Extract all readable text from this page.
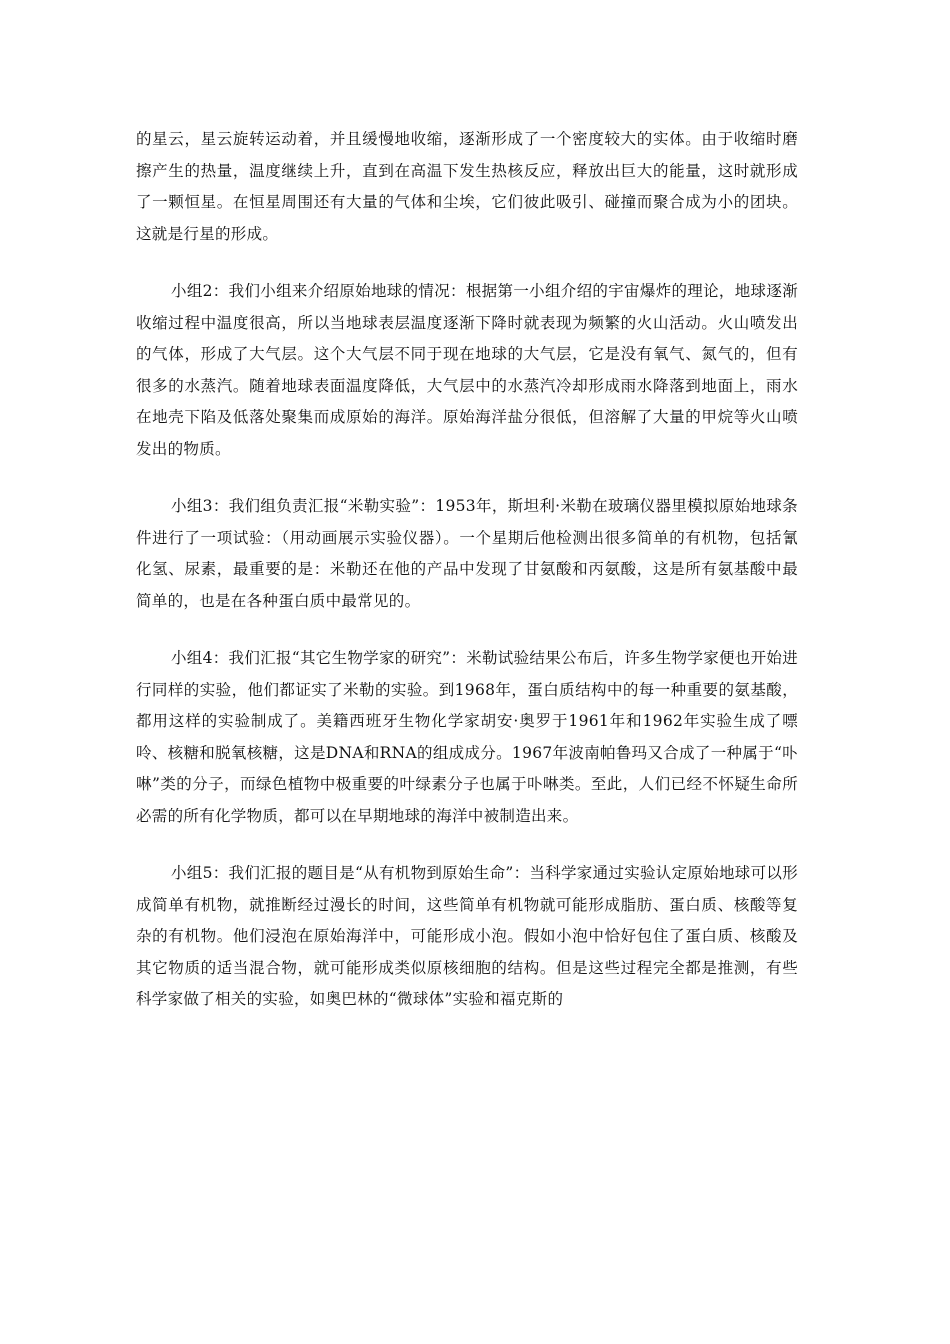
的星云，星云旋转运动着，并且缓慢地收缩，逐渐形成了一个密度较大的实体。由于收缩时磨擦产生的热量，温度继续上升，直到在高温下发生热核反应，释放出巨大的能量，这时就形成了一颗恒星。在恒星周围还有大量的气体和尘埃，它们彼此吸引、碰撞而聚合成为小的团块。这就是行星的形成。

小组2：我们小组来介绍原始地球的情况：根据第一小组介绍的宇宙爆炸的理论，地球逐渐收缩过程中温度很高，所以当地球表层温度逐渐下降时就表现为频繁的火山活动。火山喷发出的气体，形成了大气层。这个大气层不同于现在地球的大气层，它是没有氧气、氮气的，但有很多的水蒸汽。随着地球表面温度降低，大气层中的水蒸汽冷却形成雨水降落到地面上，雨水在地壳下陷及低落处聚集而成原始的海洋。原始海洋盐分很低，但溶解了大量的甲烷等火山喷发出的物质。

小组3：我们组负责汇报“米勒实验”：1953年，斯坦利·米勒在玻璃仪器里模拟原始地球条件进行了一项试验：（用动画展示实验仪器）。一个星期后他检测出很多简单的有机物，包括氰化氢、尿素，最重要的是：米勒还在他的产品中发现了甘氨酸和丙氨酸，这是所有氨基酸中最简单的，也是在各种蛋白质中最常见的。

小组4：我们汇报“其它生物学家的研究”：米勒试验结果公布后，许多生物学家便也开始进行同样的实验，他们都证实了米勒的实验。到1968年，蛋白质结构中的每一种重要的氨基酸，都用这样的实验制成了。美籍西班牙生物化学家胡安·奥罗于1961年和1962年实验生成了嘌呤、核糖和脱氧核糖，这是DNA和RNA的组成成分。1967年波南帕鲁玛又合成了一种属于“卟啉”类的分子，而绿色植物中极重要的叶绿素分子也属于卟啉类。至此，人们已经不怀疑生命所必需的所有化学物质，都可以在早期地球的海洋中被制造出来。

小组5：我们汇报的题目是“从有机物到原始生命”：当科学家通过实验认定原始地球可以形成简单有机物，就推断经过漫长的时间，这些简单有机物就可能形成脂肪、蛋白质、核酸等复杂的有机物。他们浸泡在原始海洋中，可能形成小泡。假如小泡中恰好包住了蛋白质、核酸及其它物质的适当混合物，就可能形成类似原核细胞的结构。但是这些过程完全都是推测，有些科学家做了相关的实验，如奥巴林的“微球体”实验和福克斯的
